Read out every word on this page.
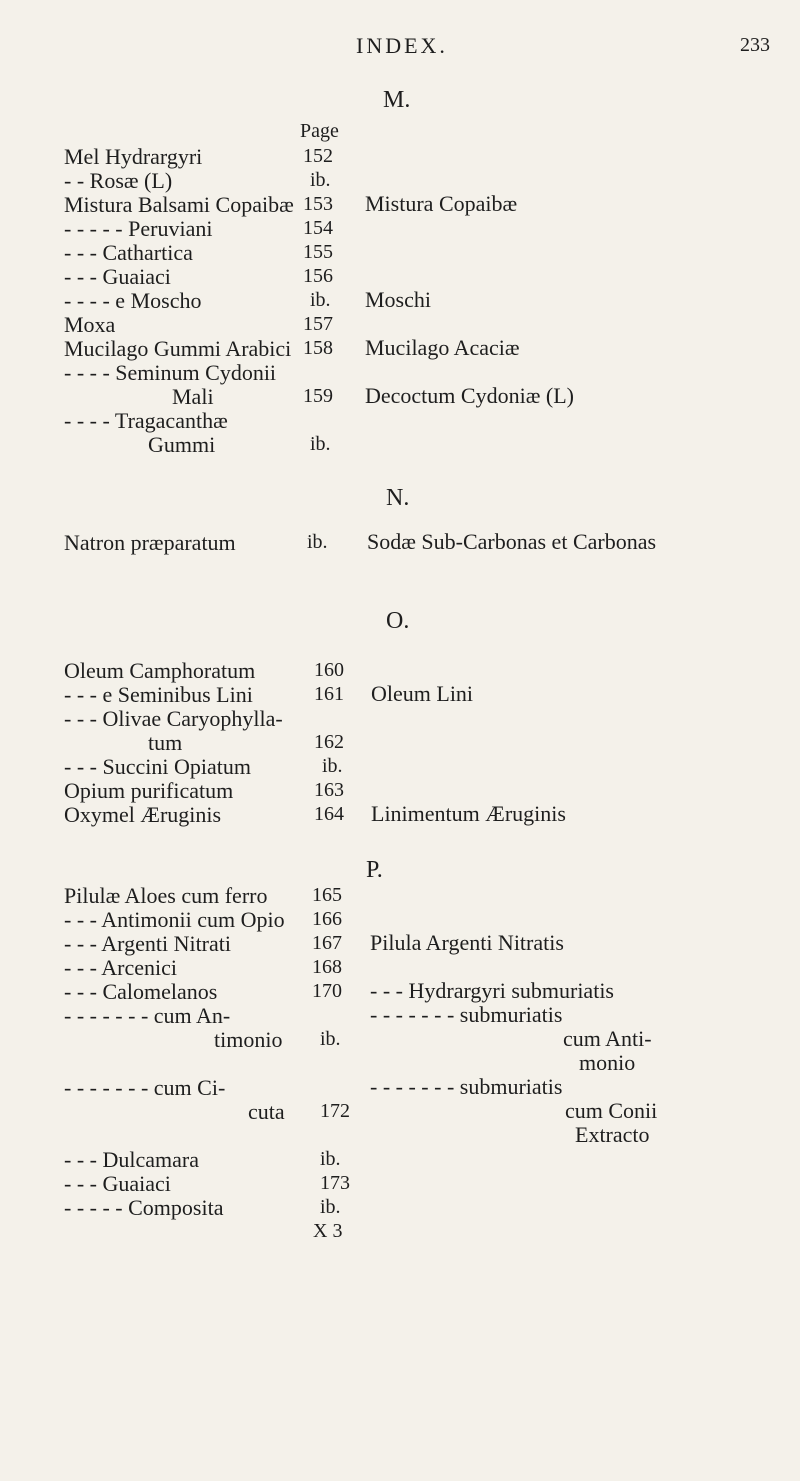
INDEX.	233
M.
Page
Mel Hydrargyri	152
- - Rosæ (L)	ib.
Mistura Balsami Copaibæ 153 Mistura Copaibæ
- - - - - Peruviani	154
- - - Cathartica	155
- - - Guaiaci	156
- - - - e Moscho	ib. Moschi
Moxa	157
Mucilago Gummi Arabici 158 Mucilago Acaciæ
- - - - Seminum Cydonii
Mali	159 Decoctum Cydoniæ (L)
- - - - Tragacanthæ
Gummi	ib.
N.
Natron præparatum	ib. Sodæ Sub-Carbonas et Carbonas
O.
Oleum Camphoratum	160
- - - e Seminibus Lini	161 Oleum Lini
- - - Olivae Caryophylla-
tum	162
- - - Succini Opiatum	ib.
Opium purificatum	163
Oxymel Æruginis	164 Linimentum Æruginis
P.
Pilulæ Aloes cum ferro 165
- - - Antimonii cum Opio 166
- - - Argenti Nitrati	167 Pilula Argenti Nitratis
- - - Arcenici	168
- - - Calomelanos	170 - - - Hydrargyri submuriatis
- - - - - - - cum An-	- - - - - - - submuriatis
timonio ib.	cum Anti-
monio
- - - - - - - cum Ci-	- - - - - - - submuriatis
cuta 172	cum Conii
Extracto
- - - Dulcamara	ib.
- - - Guaiaci	173
- - - - - Composita	ib.
X 3
